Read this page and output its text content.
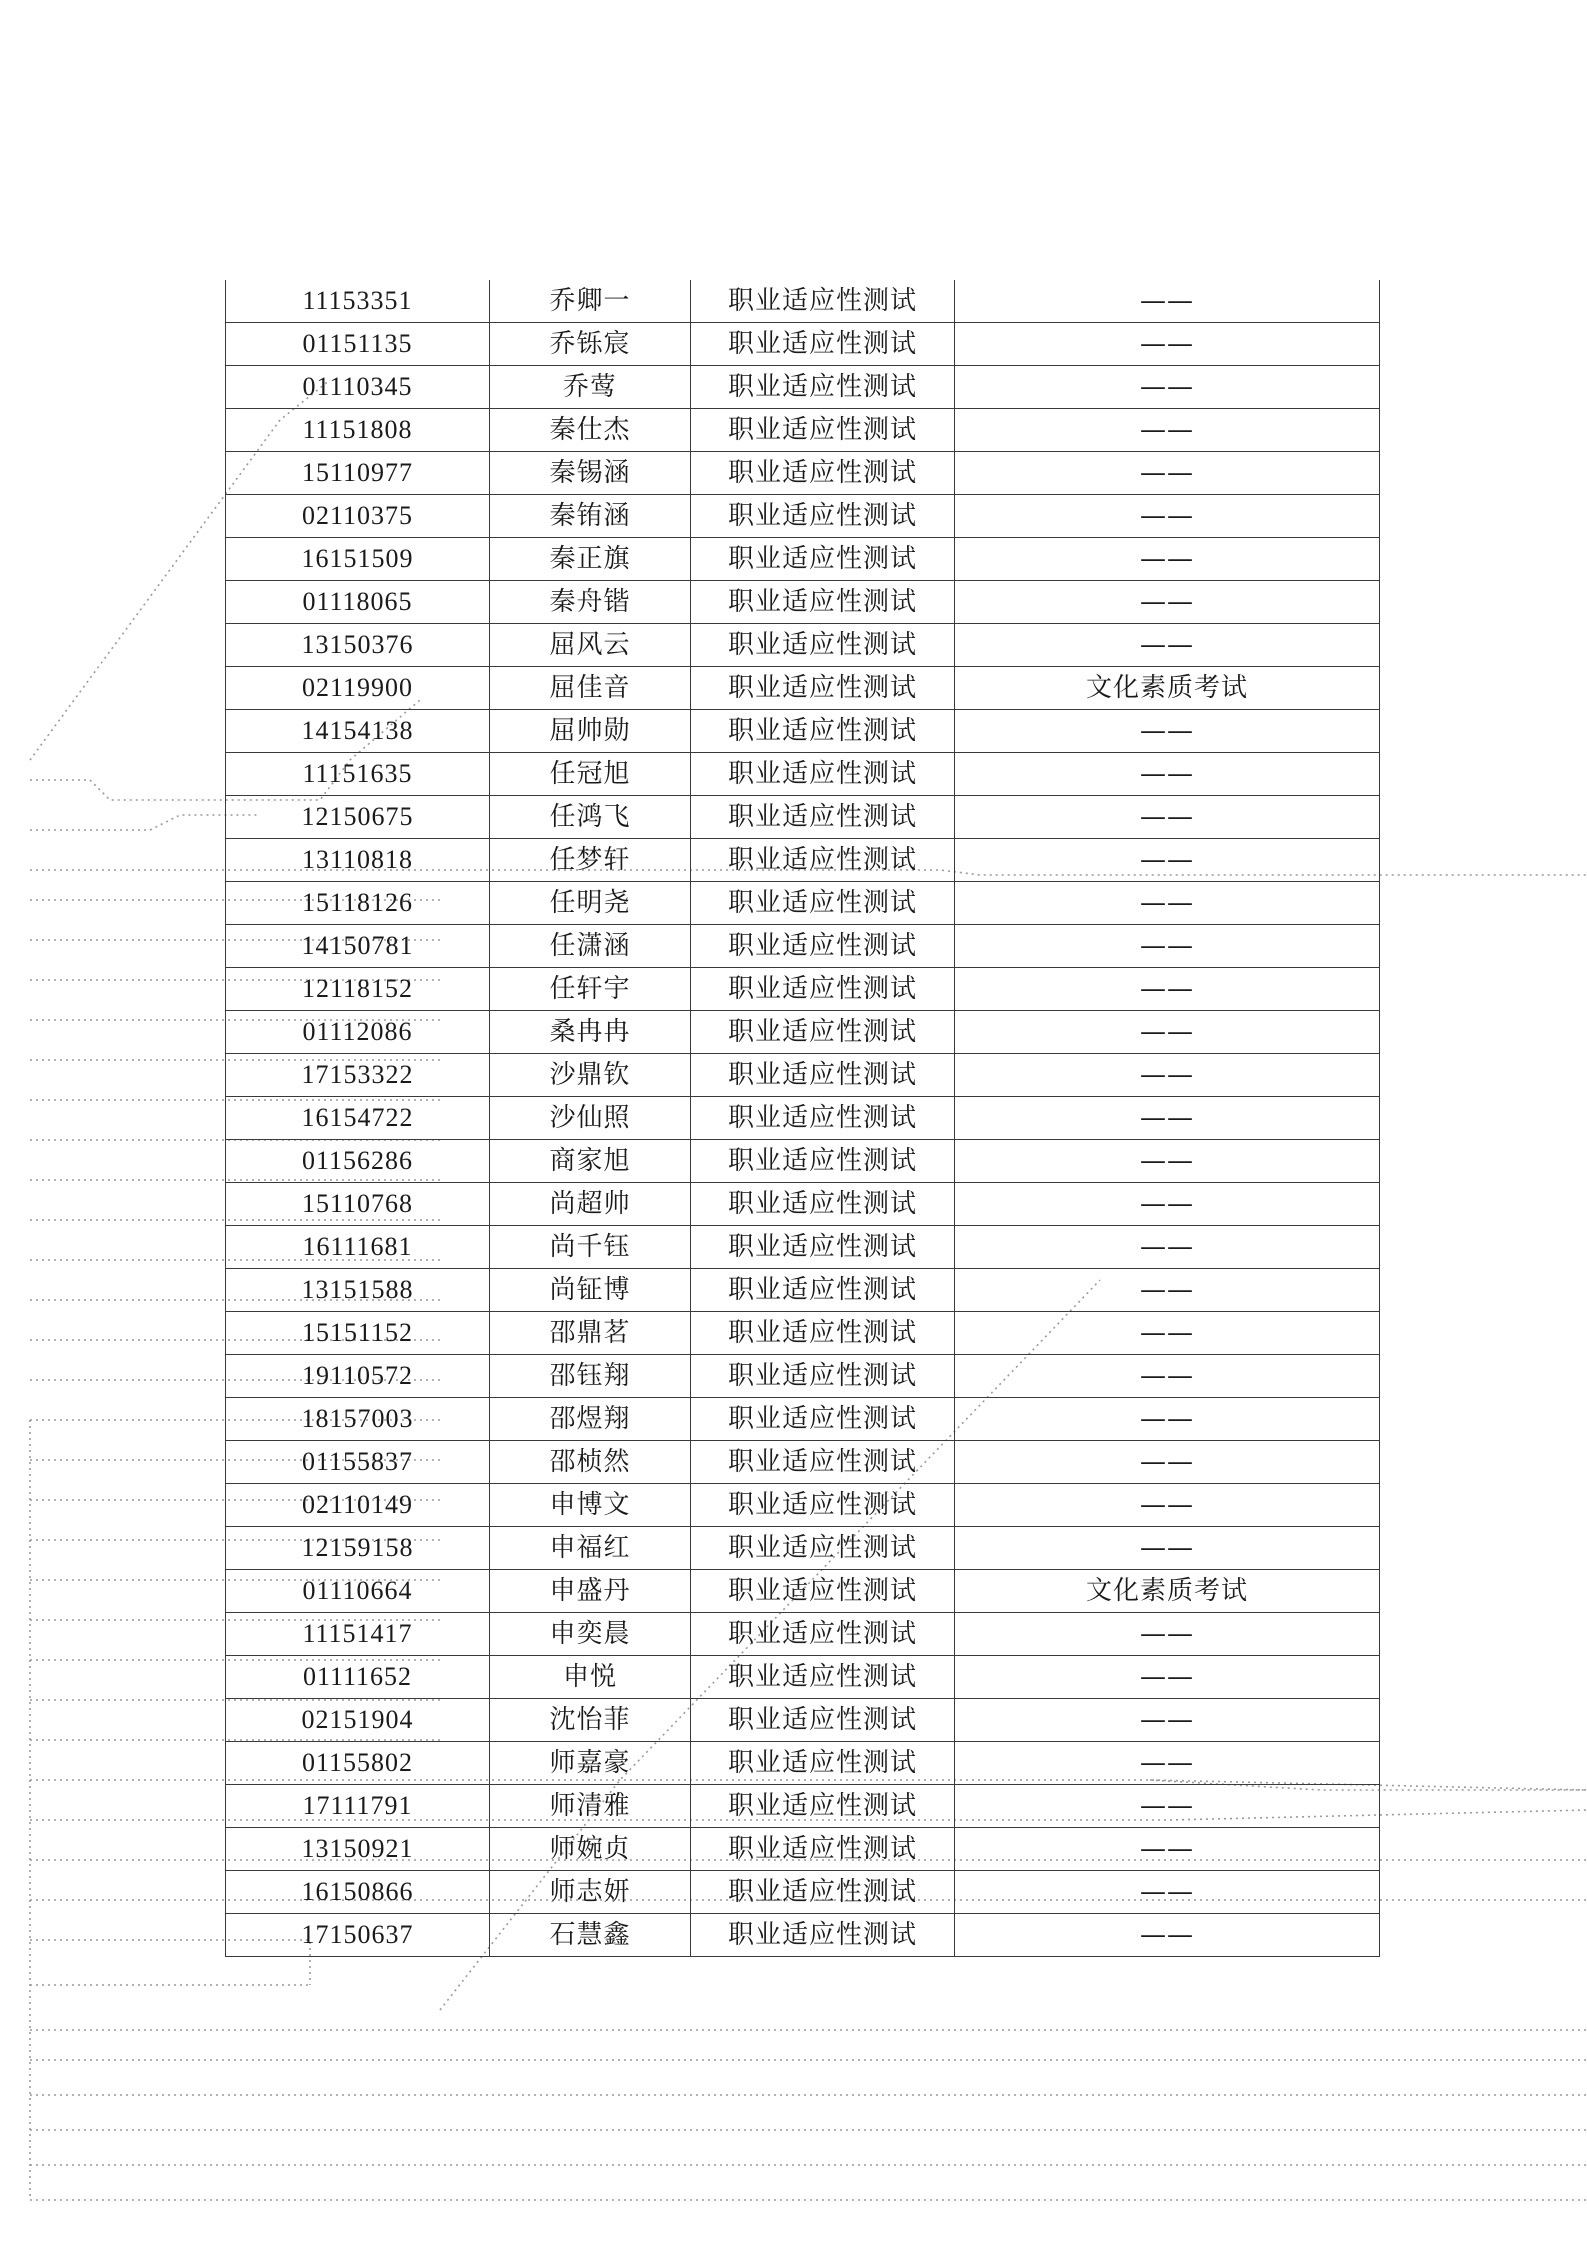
11153351	乔卿一	职业适应性测试	——
01151135	乔铄宸	职业适应性测试	——
01110345	乔莺	职业适应性测试	——
11151808	秦仕杰	职业适应性测试	——
15110977	秦锡涵	职业适应性测试	——
02110375	秦铕涵	职业适应性测试	——
16151509	秦正旗	职业适应性测试	——
01118065	秦舟锴	职业适应性测试	——
13150376	屈风云	职业适应性测试	——
02119900	屈佳音	职业适应性测试	文化素质考试
14154138	屈帅勋	职业适应性测试	——
11151635	任冠旭	职业适应性测试	——
12150675	任鸿飞	职业适应性测试	——
13110818	任梦轩	职业适应性测试	——
15118126	任明尧	职业适应性测试	——
14150781	任潇涵	职业适应性测试	——
12118152	任轩宇	职业适应性测试	——
01112086	桑冉冉	职业适应性测试	——
17153322	沙鼎钦	职业适应性测试	——
16154722	沙仙照	职业适应性测试	——
01156286	商家旭	职业适应性测试	——
15110768	尚超帅	职业适应性测试	——
16111681	尚千钰	职业适应性测试	——
13151588	尚钲博	职业适应性测试	——
15151152	邵鼎茗	职业适应性测试	——
19110572	邵钰翔	职业适应性测试	——
18157003	邵煜翔	职业适应性测试	——
01155837	邵桢然	职业适应性测试	——
02110149	申博文	职业适应性测试	——
12159158	申福红	职业适应性测试	——
01110664	申盛丹	职业适应性测试	文化素质考试
11151417	申奕晨	职业适应性测试	——
01111652	申悦	职业适应性测试	——
02151904	沈怡菲	职业适应性测试	——
01155802	师嘉豪	职业适应性测试	——
17111791	师清雅	职业适应性测试	——
13150921	师婉贞	职业适应性测试	——
16150866	师志妍	职业适应性测试	——
17150637	石慧鑫	职业适应性测试	——
